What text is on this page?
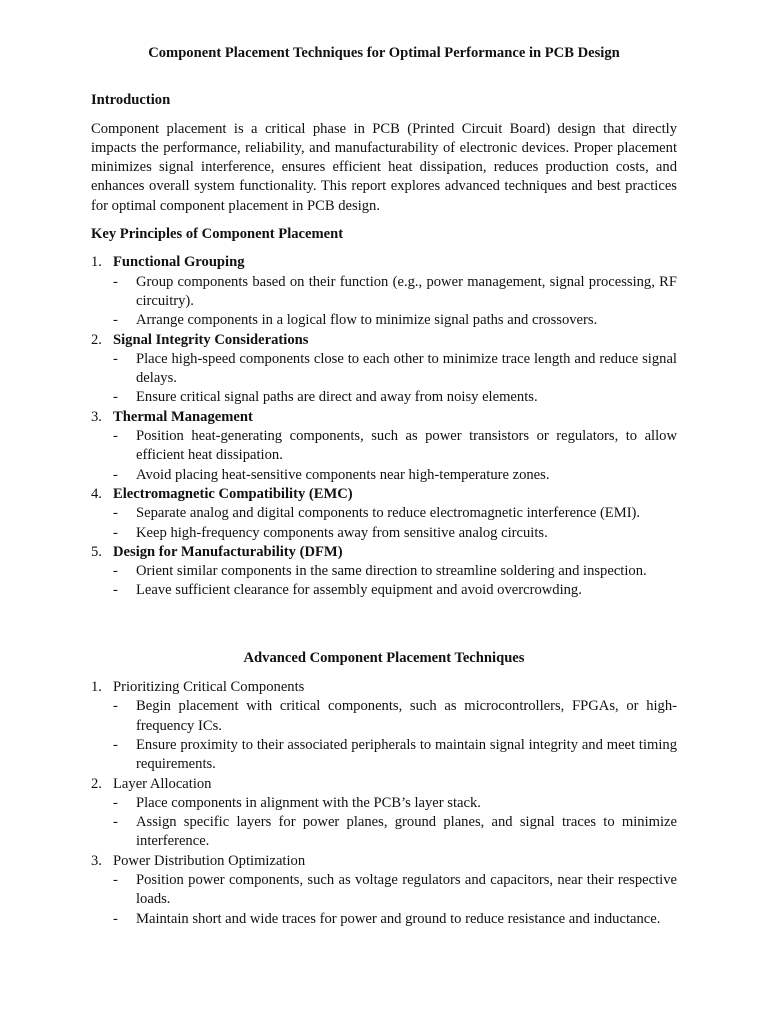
Component Placement Techniques for Optimal Performance in PCB Design
Introduction
Component placement is a critical phase in PCB (Printed Circuit Board) design that directly impacts the performance, reliability, and manufacturability of electronic devices. Proper placement minimizes signal interference, ensures efficient heat dissipation, reduces production costs, and enhances overall system functionality. This report explores advanced techniques and best practices for optimal component placement in PCB design.
Key Principles of Component Placement
1. Functional Grouping
- Group components based on their function (e.g., power management, signal processing, RF circuitry).
- Arrange components in a logical flow to minimize signal paths and crossovers.
2. Signal Integrity Considerations
- Place high-speed components close to each other to minimize trace length and reduce signal delays.
- Ensure critical signal paths are direct and away from noisy elements.
3. Thermal Management
- Position heat-generating components, such as power transistors or regulators, to allow efficient heat dissipation.
- Avoid placing heat-sensitive components near high-temperature zones.
4. Electromagnetic Compatibility (EMC)
- Separate analog and digital components to reduce electromagnetic interference (EMI).
- Keep high-frequency components away from sensitive analog circuits.
5. Design for Manufacturability (DFM)
- Orient similar components in the same direction to streamline soldering and inspection.
- Leave sufficient clearance for assembly equipment and avoid overcrowding.
Advanced Component Placement Techniques
1. Prioritizing Critical Components
- Begin placement with critical components, such as microcontrollers, FPGAs, or high-frequency ICs.
- Ensure proximity to their associated peripherals to maintain signal integrity and meet timing requirements.
2. Layer Allocation
- Place components in alignment with the PCB’s layer stack.
- Assign specific layers for power planes, ground planes, and signal traces to minimize interference.
3. Power Distribution Optimization
- Position power components, such as voltage regulators and capacitors, near their respective loads.
- Maintain short and wide traces for power and ground to reduce resistance and inductance.
